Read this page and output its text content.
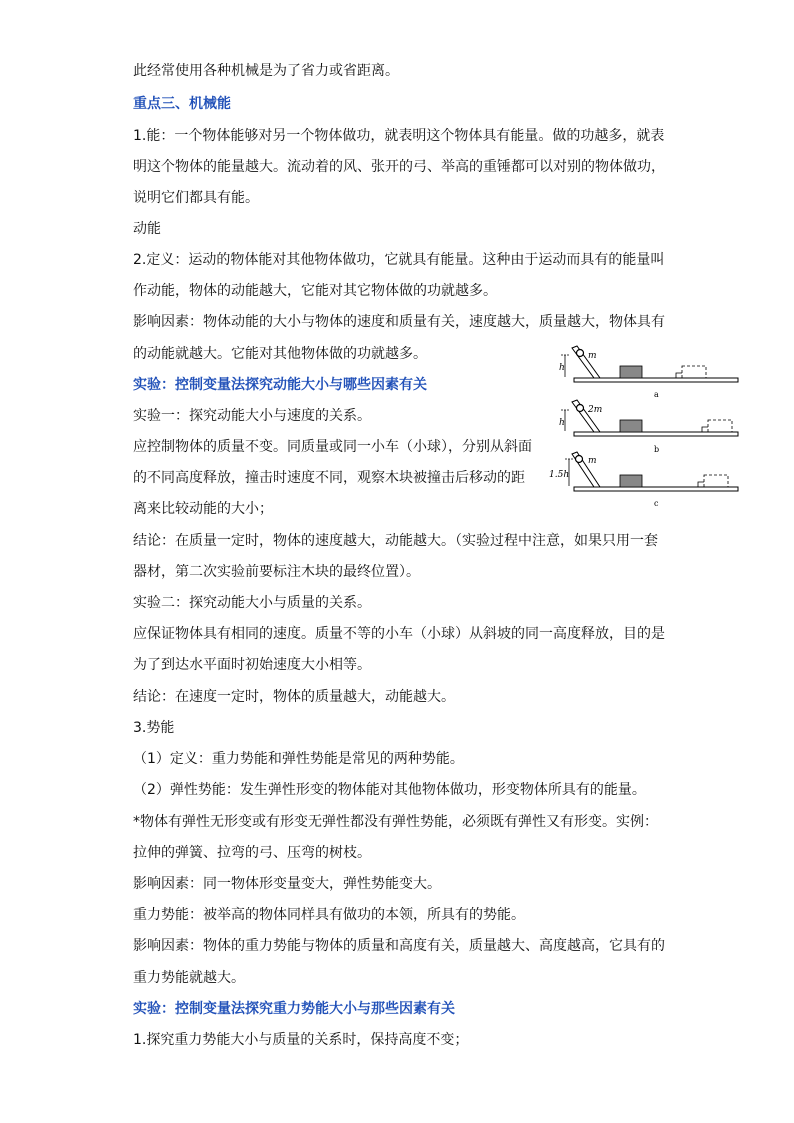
此经常使用各种机械是为了省力或省距离。
重点三、机械能
1.能：一个物体能够对另一个物体做功，就表明这个物体具有能量。做的功越多，就表
明这个物体的能量越大。流动着的风、张开的弓、举高的重锤都可以对别的物体做功，
说明它们都具有能。
动能
2.定义：运动的物体能对其他物体做功，它就具有能量。这种由于运动而具有的能量叫
作动能，物体的动能越大，它能对其它物体做的功就越多。
影响因素：物体动能的大小与物体的速度和质量有关，速度越大，质量越大，物体具有
的动能就越大。它能对其他物体做的功就越多。
实验：控制变量法探究动能大小与哪些因素有关
实验一：探究动能大小与速度的关系。
应控制物体的质量不变。同质量或同一小车（小球），分别从斜面
的不同高度释放，撞击时速度不同，观察木块被撞击后移动的距
离来比较动能的大小；
结论：在质量一定时，物体的速度越大，动能越大。（实验过程中注意，如果只用一套
器材，第二次实验前要标注木块的最终位置）。
实验二：探究动能大小与质量的关系。
应保证物体具有相同的速度。质量不等的小车（小球）从斜坡的同一高度释放，目的是
为了到达水平面时初始速度大小相等。
结论：在速度一定时，物体的质量越大，动能越大。
3.势能
（1）定义：重力势能和弹性势能是常见的两种势能。
（2）弹性势能：发生弹性形变的物体能对其他物体做功，形变物体所具有的能量。
*物体有弹性无形变或有形变无弹性都没有弹性势能，必须既有弹性又有形变。实例：
拉伸的弹簧、拉弯的弓、压弯的树枝。
影响因素：同一物体形变量变大，弹性势能变大。
重力势能：被举高的物体同样具有做功的本领，所具有的势能。
影响因素：物体的重力势能与物体的质量和高度有关，质量越大、高度越高，它具有的
重力势能就越大。
实验：控制变量法探究重力势能大小与那些因素有关
1.探究重力势能大小与质量的关系时，保持高度不变；
m
h
a
2m
h
b
m
1.5h
c
